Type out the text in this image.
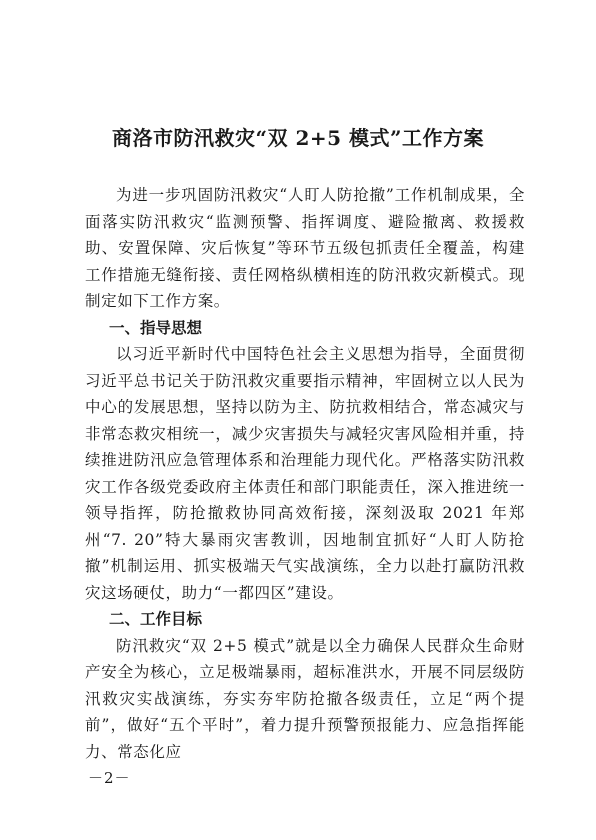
商洛市防汛救灾“双 2+5 模式”工作方案

为进一步巩固防汛救灾“人盯人防抢撤”工作机制成果，全面落实防汛救灾“监测预警、指挥调度、避险撤离、救援救助、安置保障、灾后恢复”等环节五级包抓责任全覆盖，构建工作措施无缝衔接、责任网格纵横相连的防汛救灾新模式。现制定如下工作方案。

一、指导思想

以习近平新时代中国特色社会主义思想为指导，全面贯彻习近平总书记关于防汛救灾重要指示精神，牢固树立以人民为中心的发展思想，坚持以防为主、防抗救相结合，常态减灾与非常态救灾相统一，减少灾害损失与减轻灾害风险相并重，持续推进防汛应急管理体系和治理能力现代化。严格落实防汛救灾工作各级党委政府主体责任和部门职能责任，深入推进统一领导指挥，防抢撤救协同高效衔接，深刻汲取 2021 年郑州“7. 20”特大暴雨灾害教训，因地制宜抓好“人盯人防抢撤”机制运用、抓实极端天气实战演练，全力以赴打赢防汛救灾这场硬仗，助力“一都四区”建设。

二、工作目标

防汛救灾“双 2+5 模式”就是以全力确保人民群众生命财产安全为核心，立足极端暴雨，超标准洪水，开展不同层级防汛救灾实战演练，夯实夯牢防抢撤各级责任，立足“两个提前”，做好“五个平时”，着力提升预警预报能力、应急指挥能力、常态化应

－2－
